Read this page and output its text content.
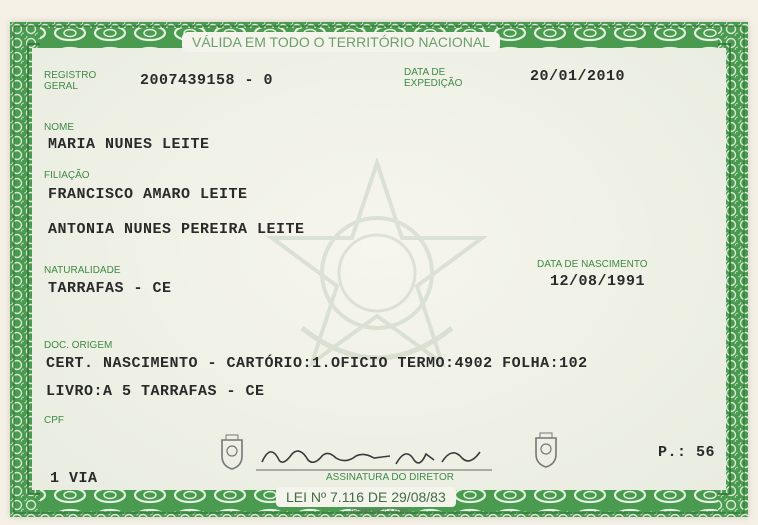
VÁLIDA EM TODO O TERRITÓRIO NACIONAL
REGISTRO
GERAL	2007439158 - 0	DATA DE
EXPEDIÇÃO	20/01/2010
NOME
MARIA NUNES LEITE
FILIAÇÃO
FRANCISCO AMARO LEITE
ANTONIA NUNES PEREIRA LEITE
NATURALIDADE
TARRAFAS - CE
DATA DE NASCIMENTO
12/08/1991
DOC. ORIGEM
CERT. NASCIMENTO - CARTÓRIO:1.OFICIO TERMO:4902 FOLHA:102
LIVRO:A 5 TARRAFAS - CE
CPF
ASSINATURA DO DIRETOR
1 VIA
P.: 56
LEI Nº 7.116 DE 29/08/83
THOMAS GREG & SONS
